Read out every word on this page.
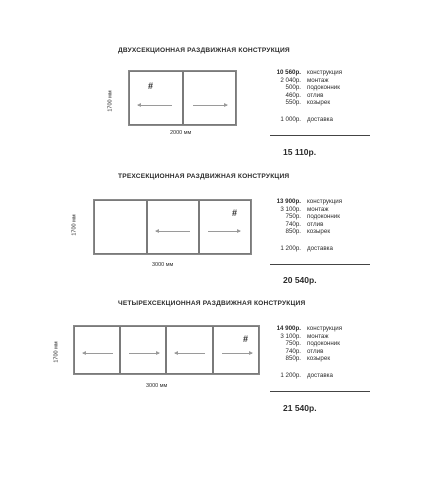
ДВУХСЕКЦИОННАЯ РАЗДВИЖНАЯ КОНСТРУКЦИЯ
1700 мм
#
2000 мм
10 560р. конструкция
2 040р. монтаж
500р. подоконник
460р. отлив
550р. козырек
1 000р. доставка
15 110р.
ТРЕХСЕКЦИОННАЯ РАЗДВИЖНАЯ КОНСТРУКЦИЯ
1700 мм
#
3000 мм
13 900р. конструкция
3 100р. монтаж
750р. подоконник
740р. отлив
850р. козырек
1 200р. доставка
20 540р.
ЧЕТЫРЕХСЕКЦИОННАЯ РАЗДВИЖНАЯ КОНСТРУКЦИЯ
1700 мм
#
3000 мм
14 900р. конструкция
3 100р. монтаж
750р. подоконник
740р. отлив
850р. козырек
1 200р. доставка
21 540р.
